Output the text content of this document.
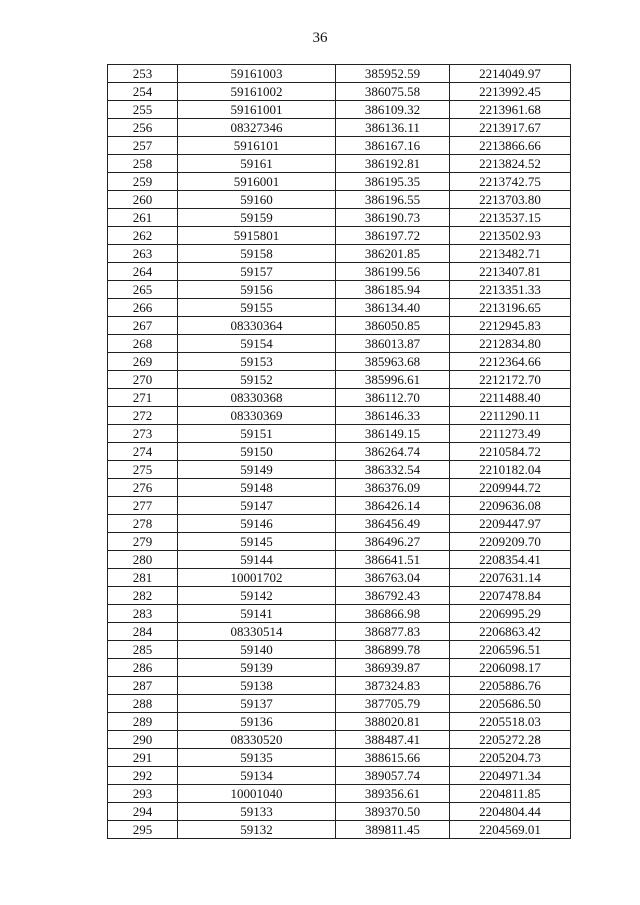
36
253	59161003	385952.59	2214049.97
254	59161002	386075.58	2213992.45
255	59161001	386109.32	2213961.68
256	08327346	386136.11	2213917.67
257	5916101	386167.16	2213866.66
258	59161	386192.81	2213824.52
259	5916001	386195.35	2213742.75
260	59160	386196.55	2213703.80
261	59159	386190.73	2213537.15
262	5915801	386197.72	2213502.93
263	59158	386201.85	2213482.71
264	59157	386199.56	2213407.81
265	59156	386185.94	2213351.33
266	59155	386134.40	2213196.65
267	08330364	386050.85	2212945.83
268	59154	386013.87	2212834.80
269	59153	385963.68	2212364.66
270	59152	385996.61	2212172.70
271	08330368	386112.70	2211488.40
272	08330369	386146.33	2211290.11
273	59151	386149.15	2211273.49
274	59150	386264.74	2210584.72
275	59149	386332.54	2210182.04
276	59148	386376.09	2209944.72
277	59147	386426.14	2209636.08
278	59146	386456.49	2209447.97
279	59145	386496.27	2209209.70
280	59144	386641.51	2208354.41
281	10001702	386763.04	2207631.14
282	59142	386792.43	2207478.84
283	59141	386866.98	2206995.29
284	08330514	386877.83	2206863.42
285	59140	386899.78	2206596.51
286	59139	386939.87	2206098.17
287	59138	387324.83	2205886.76
288	59137	387705.79	2205686.50
289	59136	388020.81	2205518.03
290	08330520	388487.41	2205272.28
291	59135	388615.66	2205204.73
292	59134	389057.74	2204971.34
293	10001040	389356.61	2204811.85
294	59133	389370.50	2204804.44
295	59132	389811.45	2204569.01
